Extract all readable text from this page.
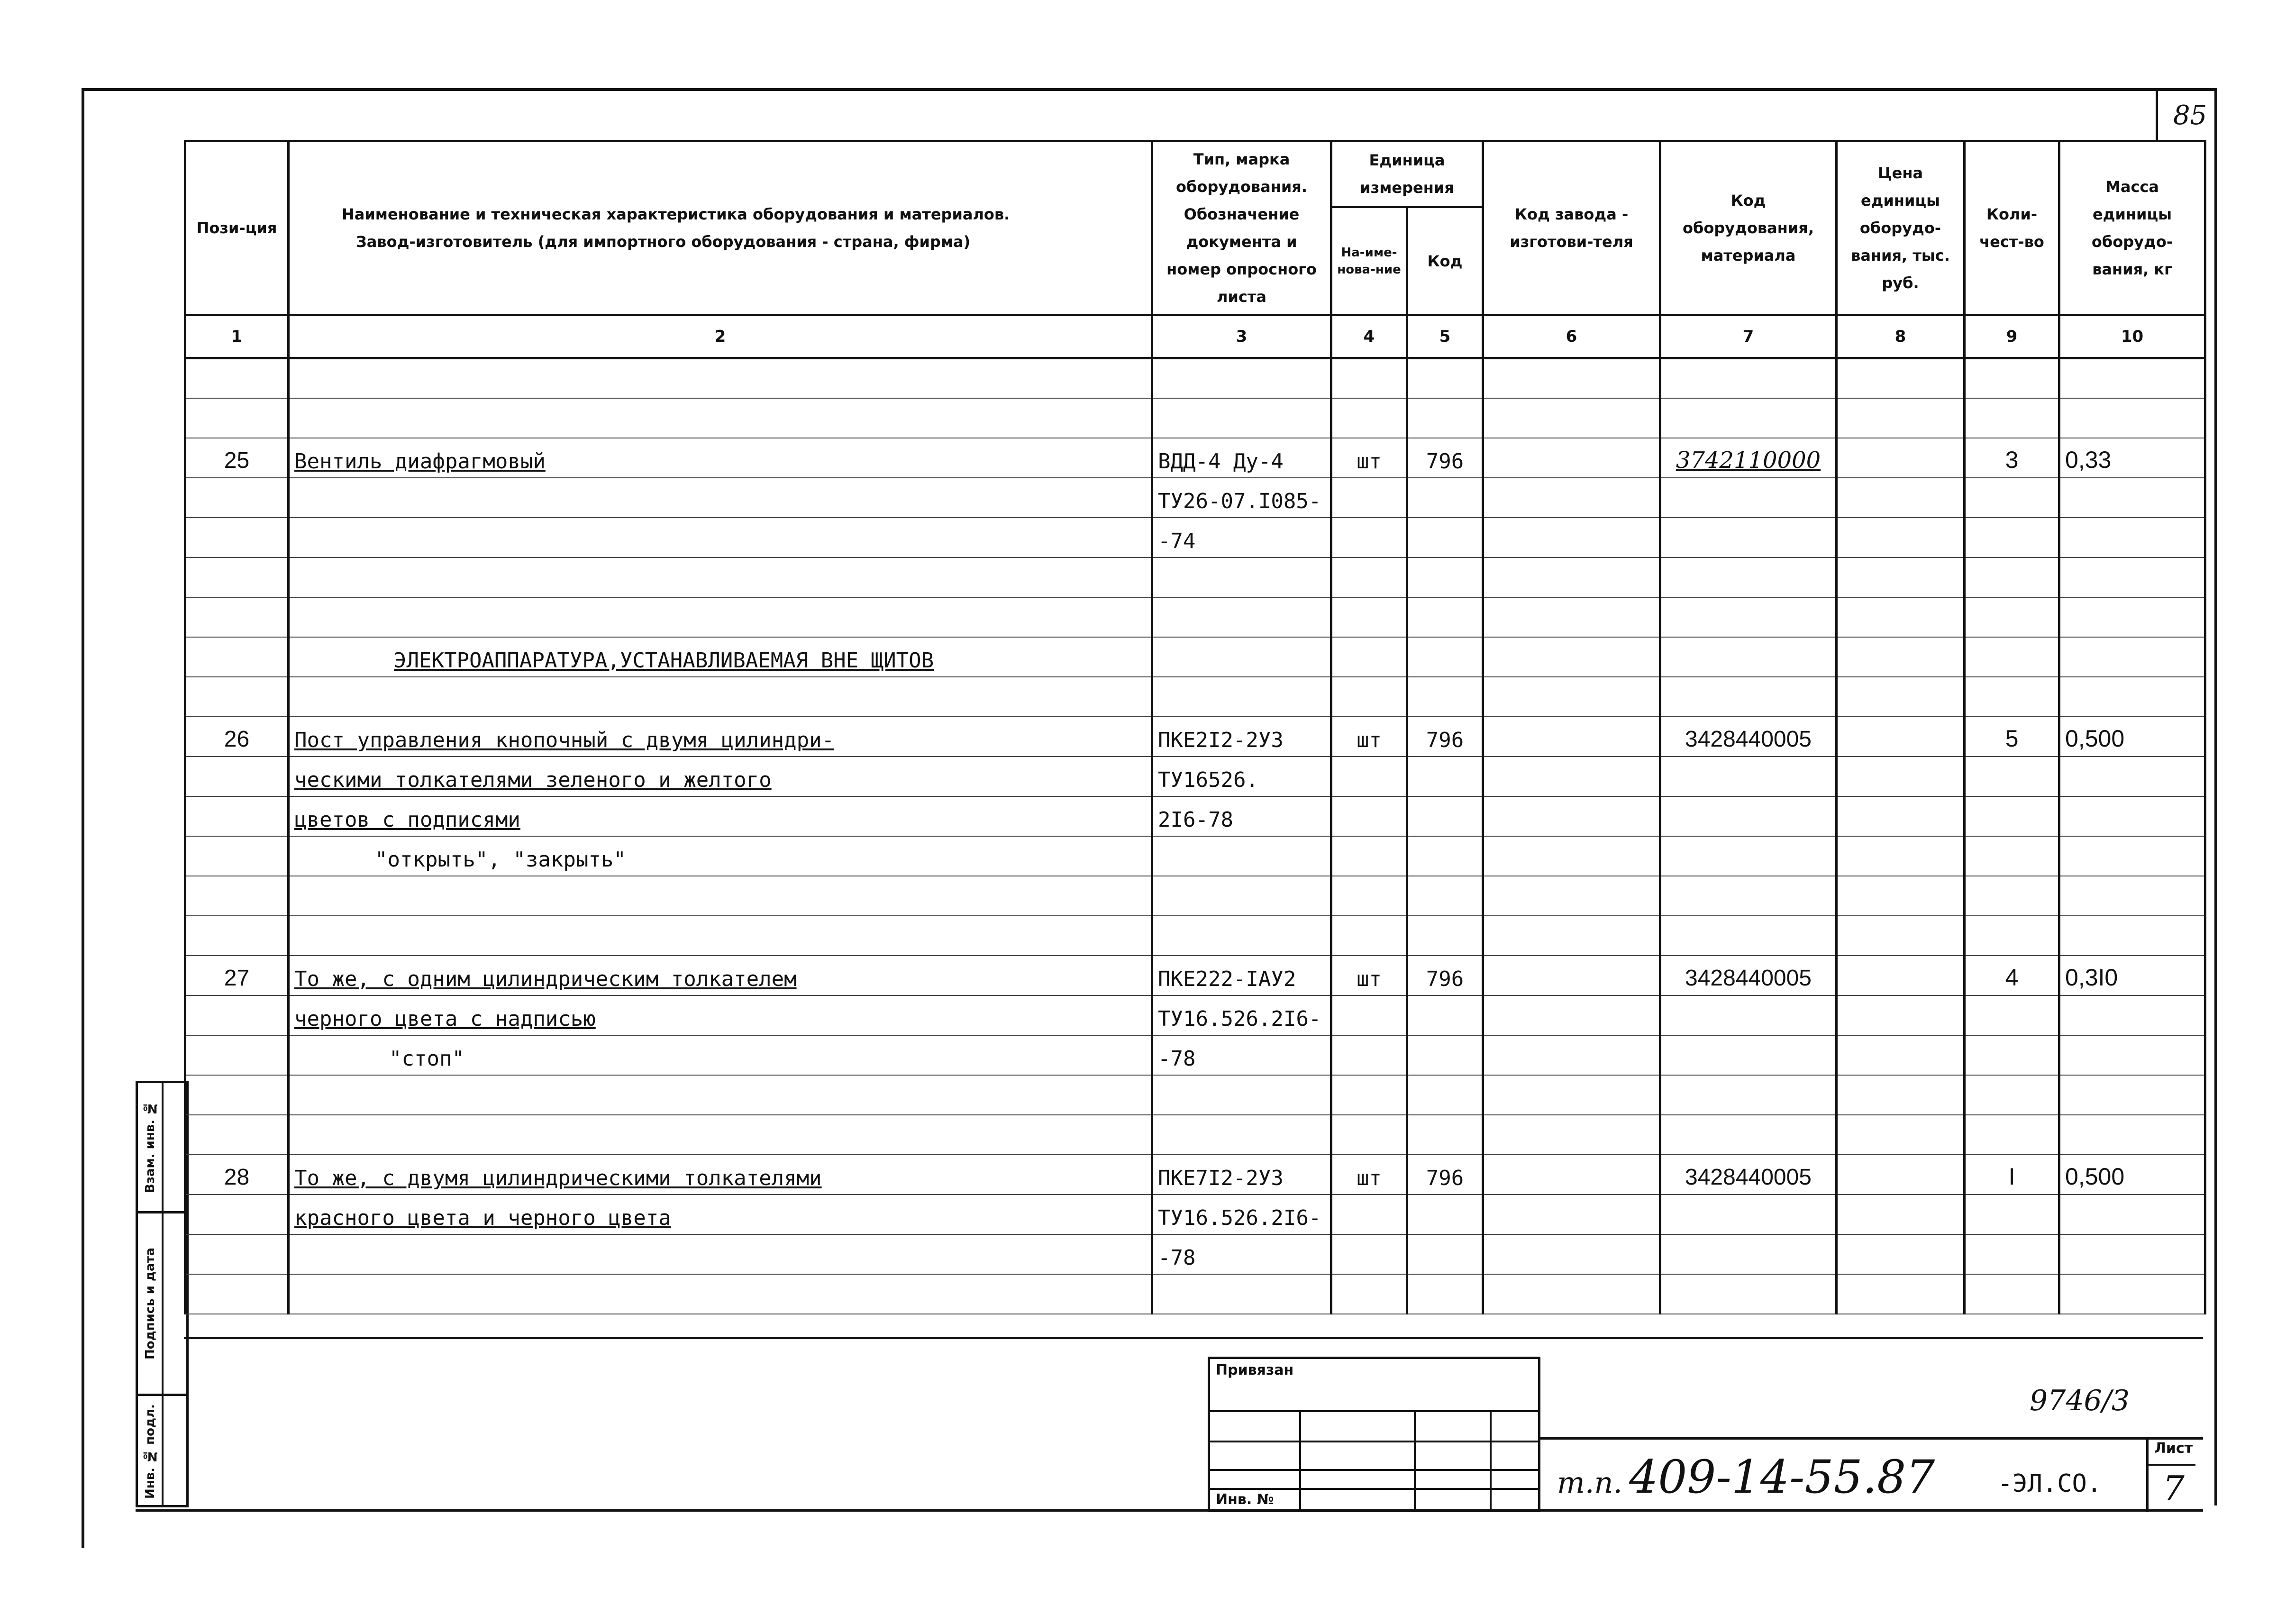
85
Взам. инв. №
Подпись и дата
Инв. № подл.
Пози-ция	Наименование и техническая характеристика оборудования и материалов.
Завод-изготовитель (для импортного оборудования - страна, фирма)	Тип, марка оборудования. Обозначение документа и номер опросного листа	Единица измерения		Код завода - изготови-теля	Код оборудования, материала	Цена единицы оборудо-вания, тыс. руб.	Коли-чест-во	Масса единицы оборудо-вания, кг
			На-име-нова-ние	Код					
1	2	3	4	5	6	7	8	9	10

25	Вентиль диафрагмовый	ВДД-4 Ду-4	шт	796		3742110000		3	0,33
		ТУ26-07.I085-							
		-74							

	ЭЛЕКТРОАППАРАТУРА,УСТАНАВЛИВАЕМАЯ ВНЕ ЩИТОВ								

26	Пост управления кнопочный с двумя цилиндри-	ПКЕ2I2-2У3	шт	796		3428440005		5	0,500
	ческими толкателями зеленого и желтого	ТУ16526.							
	цветов с подписями	2I6-78							
	"открыть", "закрыть"								

27	То же, с одним цилиндрическим толкателем	ПКЕ222-IАУ2	шт	796		3428440005		4	0,3I0
	черного цвета с надписью	ТУ16.526.2I6-							
	"стоп"	-78							

28	То же, с двумя цилиндрическими толкателями	ПКЕ7I2-2У3	шт	796		3428440005		I	0,500
	красного цвета и черного цвета	ТУ16.526.2I6-							
		-78							

Привязан
Инв. №
9746/3
т.п. 409-14-55.87	-ЭЛ.СО.
Лист
7
